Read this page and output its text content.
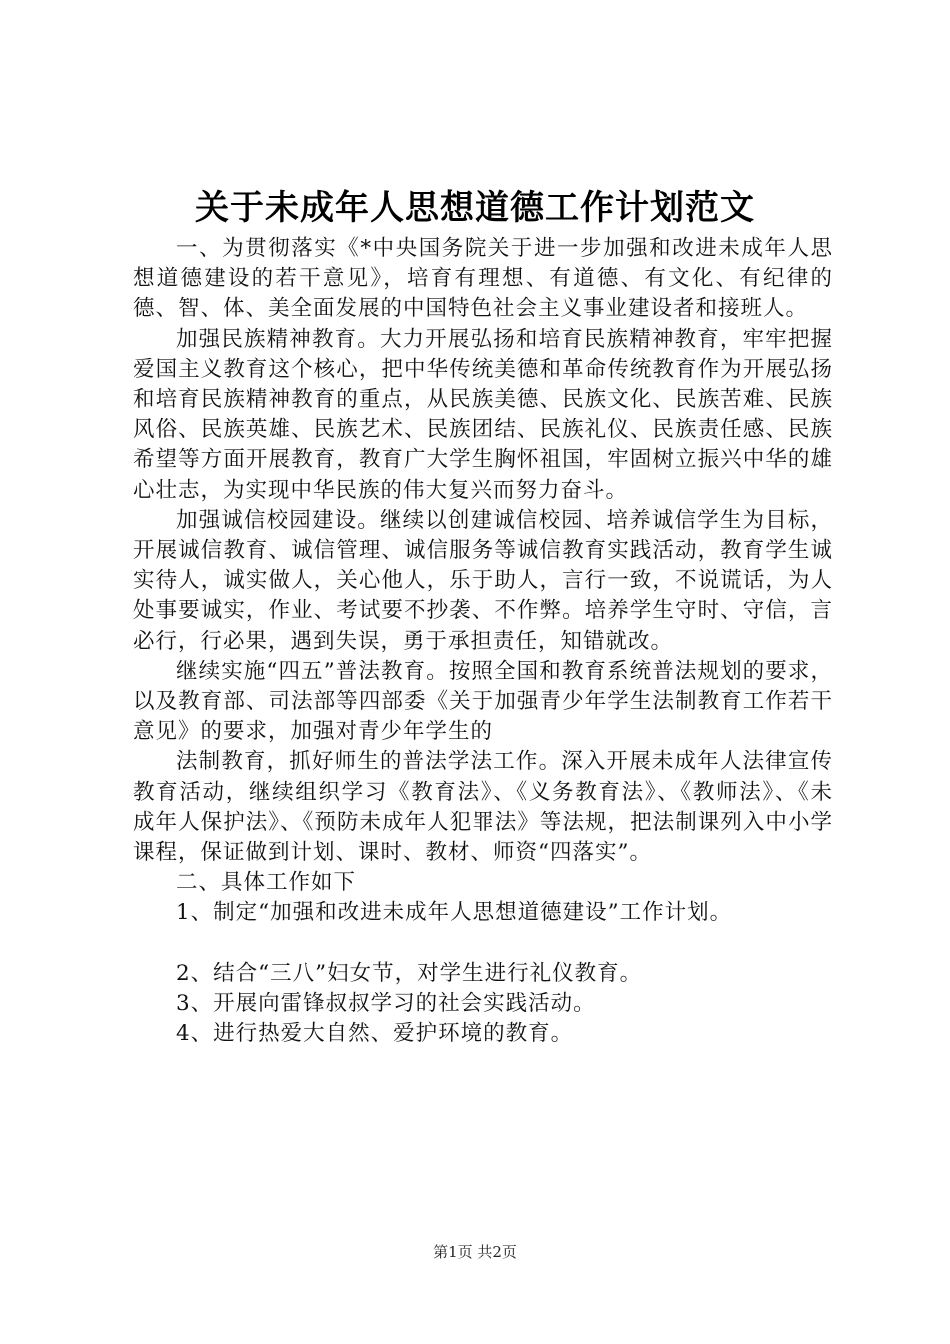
关于未成年人思想道德工作计划范文

一、为贯彻落实《*中央国务院关于进一步加强和改进未成年人思想道德建设的若干意见》，培育有理想、有道德、有文化、有纪律的德、智、体、美全面发展的中国特色社会主义事业建设者和接班人。

加强民族精神教育。大力开展弘扬和培育民族精神教育，牢牢把握爱国主义教育这个核心，把中华传统美德和革命传统教育作为开展弘扬和培育民族精神教育的重点，从民族美德、民族文化、民族苦难、民族风俗、民族英雄、民族艺术、民族团结、民族礼仪、民族责任感、民族希望等方面开展教育，教育广大学生胸怀祖国，牢固树立振兴中华的雄心壮志，为实现中华民族的伟大复兴而努力奋斗。

加强诚信校园建设。继续以创建诚信校园、培养诚信学生为目标，开展诚信教育、诚信管理、诚信服务等诚信教育实践活动，教育学生诚实待人，诚实做人，关心他人，乐于助人，言行一致，不说谎话，为人处事要诚实，作业、考试要不抄袭、不作弊。培养学生守时、守信，言必行，行必果，遇到失误，勇于承担责任，知错就改。

继续实施“四五”普法教育。按照全国和教育系统普法规划的要求，以及教育部、司法部等四部委《关于加强青少年学生法制教育工作若干意见》的要求，加强对青少年学生的

法制教育，抓好师生的普法学法工作。深入开展未成年人法律宣传教育活动，继续组织学习《教育法》、《义务教育法》、《教师法》、《未成年人保护法》、《预防未成年人犯罪法》等法规，把法制课列入中小学课程，保证做到计划、课时、教材、师资“四落实”。

二、具体工作如下

1、制定“加强和改进未成年人思想道德建设”工作计划。

2、结合“三八”妇女节，对学生进行礼仪教育。

3、开展向雷锋叔叔学习的社会实践活动。

4、进行热爱大自然、爱护环境的教育。

第1页 共2页
